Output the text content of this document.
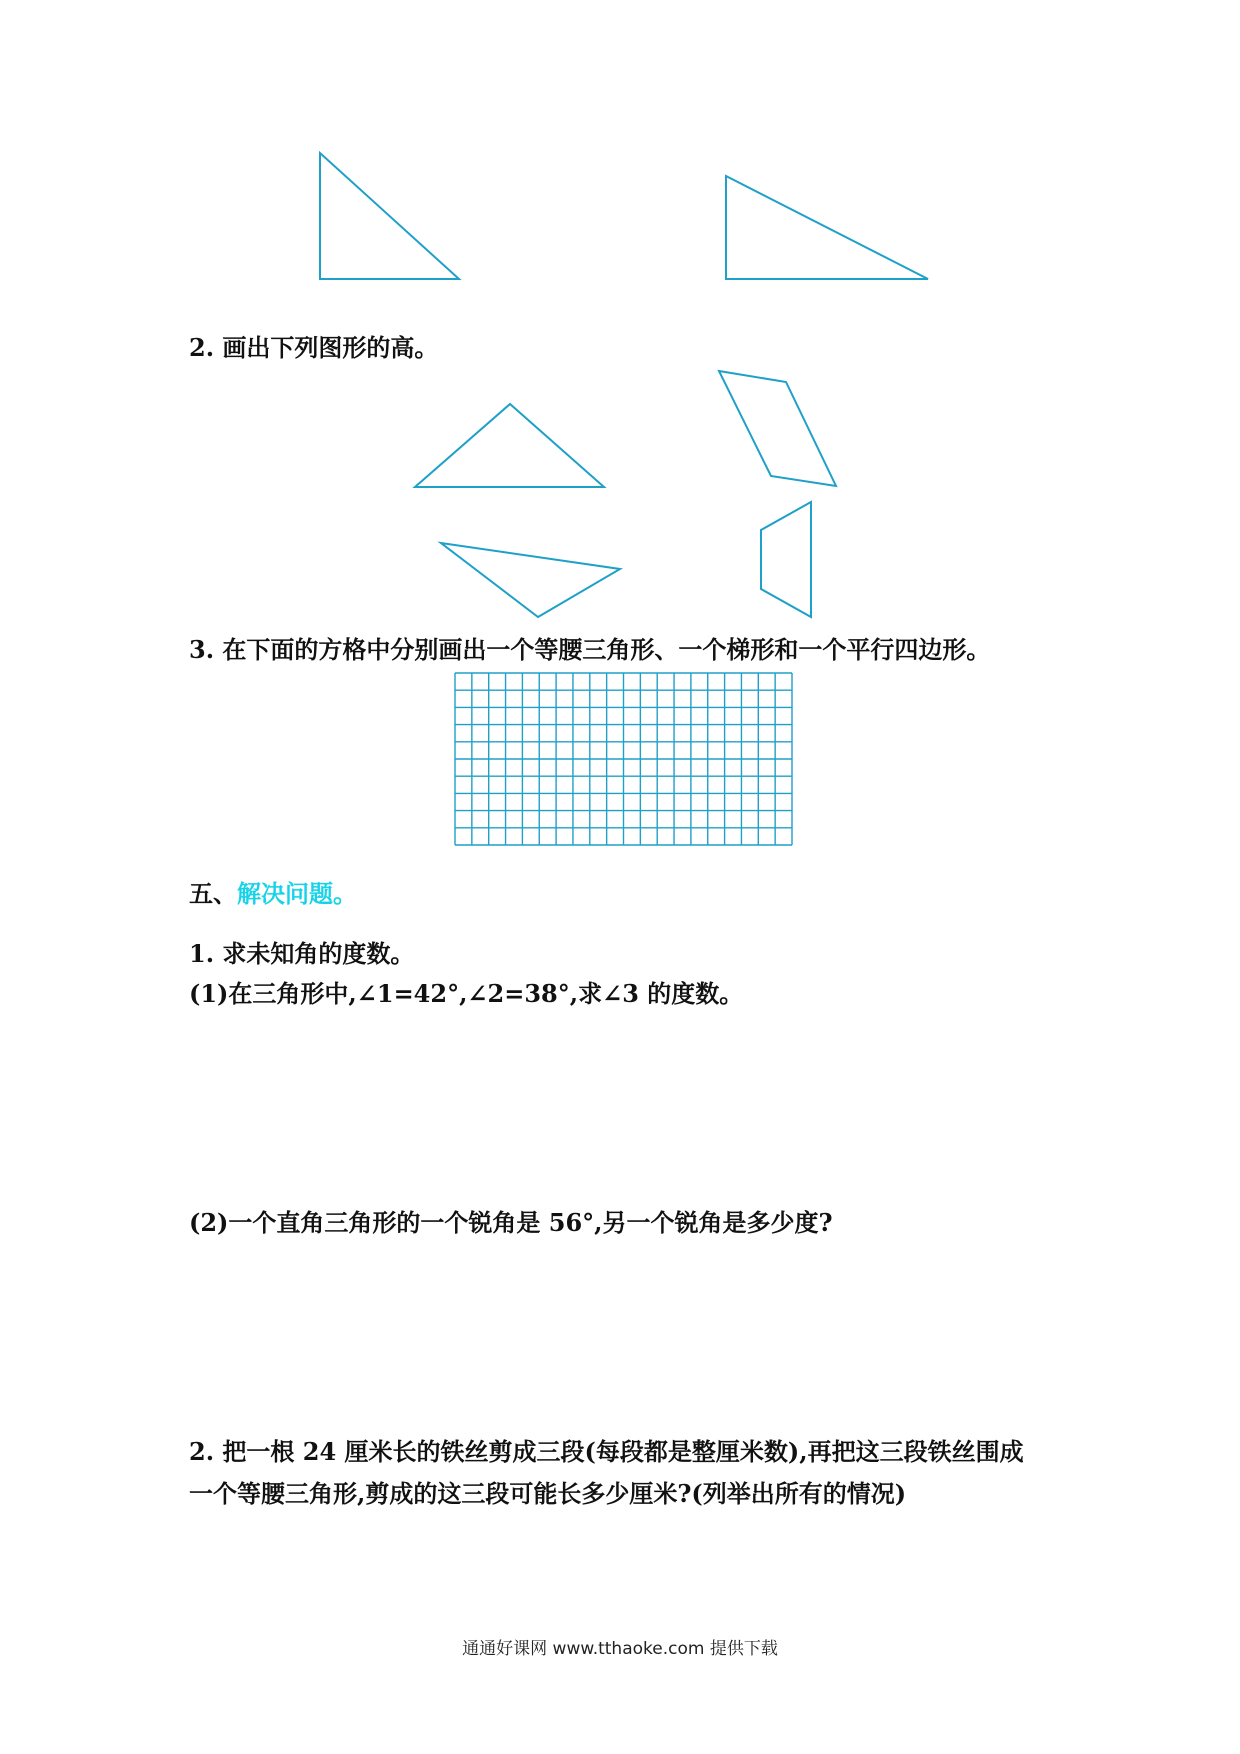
2. 画出下列图形的高。
3. 在下面的方格中分别画出一个等腰三角形、一个梯形和一个平行四边形。
五、解决问题。
1. 求未知角的度数。
(1)在三角形中,∠1=42°,∠2=38°,求∠3 的度数。
(2)一个直角三角形的一个锐角是 56°,另一个锐角是多少度?
2. 把一根 24 厘米长的铁丝剪成三段(每段都是整厘米数),再把这三段铁丝围成
一个等腰三角形,剪成的这三段可能长多少厘米?(列举出所有的情况)
通通好课网 www.tthaoke.com 提供下载
